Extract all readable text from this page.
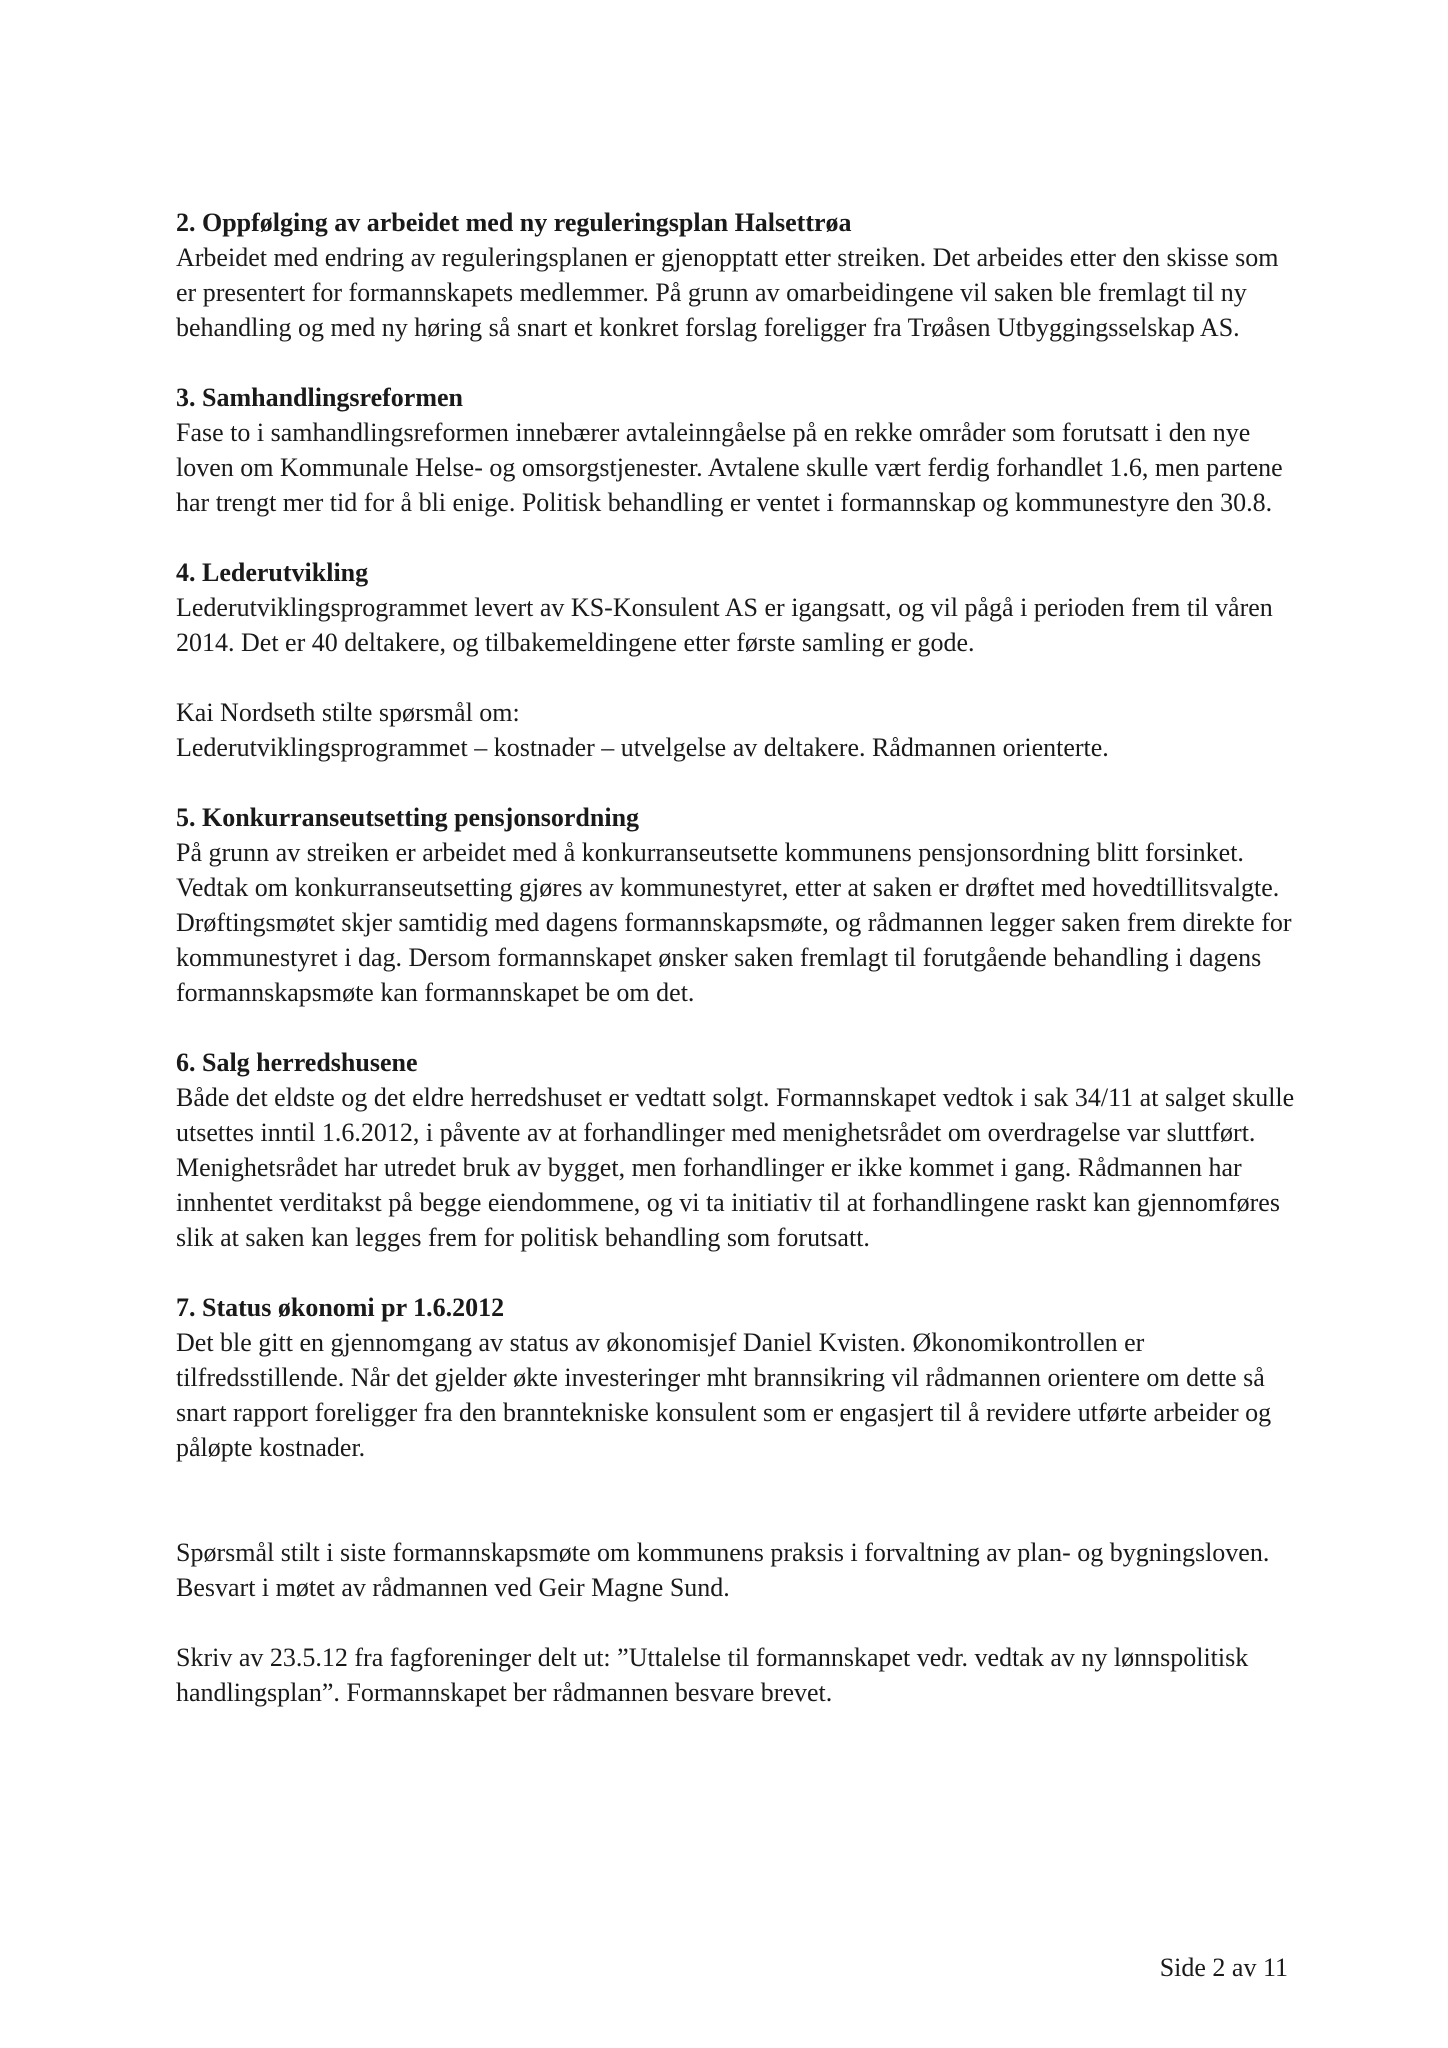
2. Oppfølging av arbeidet med ny reguleringsplan Halsettrøa

Arbeidet med endring av reguleringsplanen er gjenopptatt etter streiken. Det arbeides etter den skisse som er presentert for formannskapets medlemmer. På grunn av omarbeidingene vil saken ble fremlagt til ny behandling og med ny høring så snart et konkret forslag foreligger fra Trøåsen Utbyggingsselskap AS.

3. Samhandlingsreformen

Fase to i samhandlingsreformen innebærer avtaleinngåelse på en rekke områder som forutsatt i den nye loven om Kommunale Helse- og omsorgstjenester. Avtalene skulle vært ferdig forhandlet 1.6, men partene har trengt mer tid for å bli enige. Politisk behandling er ventet i formannskap og kommunestyre den 30.8.

4. Lederutvikling

Lederutviklingsprogrammet levert av KS-Konsulent AS er igangsatt, og vil pågå i perioden frem til våren 2014. Det er 40 deltakere, og tilbakemeldingene etter første samling er gode.

Kai Nordseth stilte spørsmål om:
Lederutviklingsprogrammet – kostnader – utvelgelse av deltakere. Rådmannen orienterte.

5. Konkurranseutsetting pensjonsordning

På grunn av streiken er arbeidet med å konkurranseutsette kommunens pensjonsordning blitt forsinket. Vedtak om konkurranseutsetting gjøres av kommunestyret, etter at saken er drøftet med hovedtillitsvalgte. Drøftingsmøtet skjer samtidig med dagens formannskapsmøte, og rådmannen legger saken frem direkte for kommunestyret i dag. Dersom formannskapet ønsker saken fremlagt til forutgående behandling i dagens formannskapsmøte kan formannskapet be om det.

6. Salg herredshusene

Både det eldste og det eldre herredshuset er vedtatt solgt. Formannskapet vedtok i sak 34/11 at salget skulle utsettes inntil 1.6.2012, i påvente av at forhandlinger med menighetsrådet om overdragelse var sluttført. Menighetsrådet har utredet bruk av bygget, men forhandlinger er ikke kommet i gang. Rådmannen har innhentet verditakst på begge eiendommene, og vi ta initiativ til at forhandlingene raskt kan gjennomføres slik at saken kan legges frem for politisk behandling som forutsatt.

7. Status økonomi pr 1.6.2012

Det ble gitt en gjennomgang av status av økonomisjef Daniel Kvisten. Økonomikontrollen er tilfredsstillende. Når det gjelder økte investeringer mht brannsikring vil rådmannen orientere om dette så snart rapport foreligger fra den branntekniske konsulent som er engasjert til å revidere utførte arbeider og påløpte kostnader.

Spørsmål stilt i siste formannskapsmøte om kommunens praksis i forvaltning av plan- og bygningsloven. Besvart i møtet av rådmannen ved Geir Magne Sund.

Skriv av 23.5.12 fra fagforeninger delt ut: ”Uttalelse til formannskapet vedr. vedtak av ny lønnspolitisk handlingsplan”. Formannskapet ber rådmannen besvare brevet.

Side 2 av 11
